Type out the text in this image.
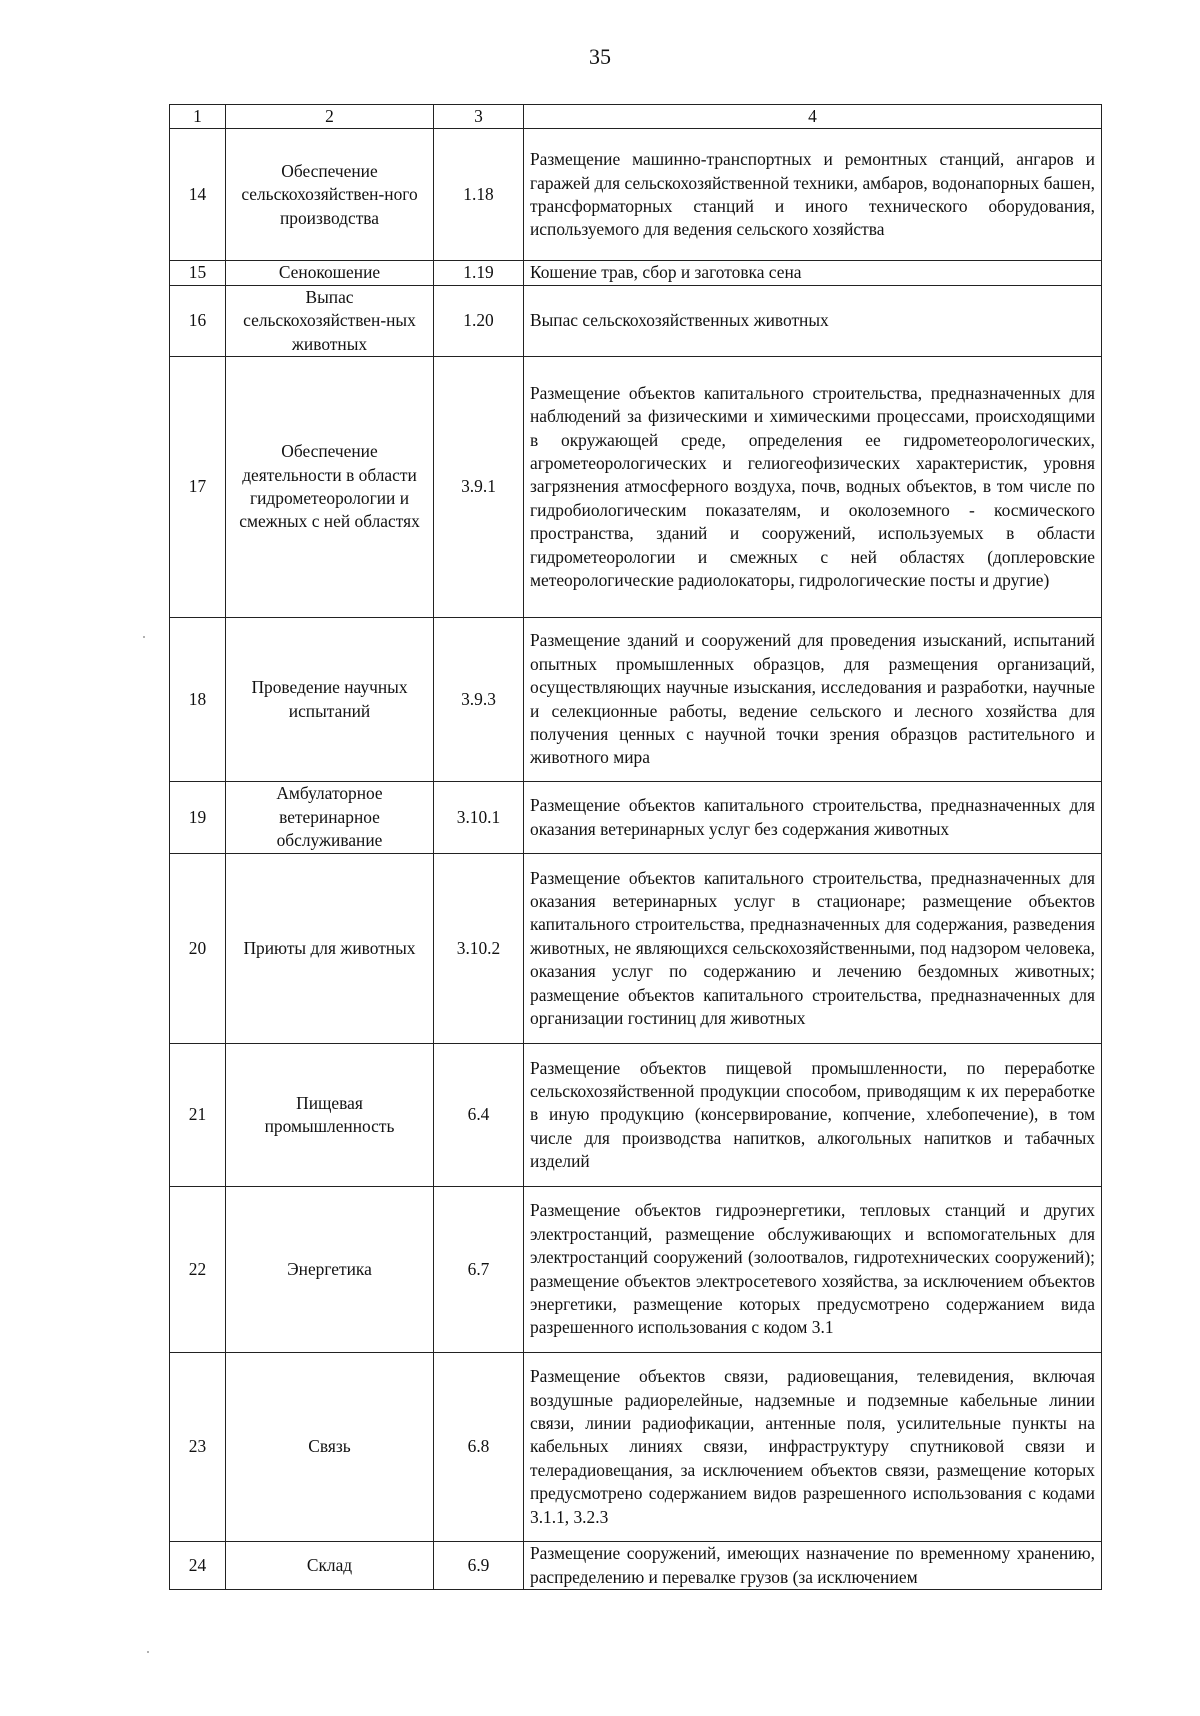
35
1	2	3	4
14	Обеспечение сельскохозяйствен-ного производства	1.18	Размещение машинно-транспортных и ремонтных станций, ангаров и гаражей для сельскохозяйственной техники, амбаров, водонапорных башен, трансформаторных станций и иного технического оборудования, используемого для ведения сельского хозяйства
15	Сенокошение	1.19	Кошение трав, сбор и заготовка сена
16	Выпас сельскохозяйствен-ных животных	1.20	Выпас сельскохозяйственных животных
17	Обеспечение деятельности в области гидрометеорологии и смежных с ней областях	3.9.1	Размещение объектов капитального строительства, предназначенных для наблюдений за физическими и химическими процессами, происходящими в окружающей среде, определения ее гидрометеорологических, агрометеорологических и гелиогеофизических характеристик, уровня загрязнения атмосферного воздуха, почв, водных объектов, в том числе по гидробиологическим показателям, и околоземного - космического пространства, зданий и сооружений, используемых в области гидрометеорологии и смежных с ней областях (доплеровские метеорологические радиолокаторы, гидрологические посты и другие)
18	Проведение научных испытаний	3.9.3	Размещение зданий и сооружений для проведения изысканий, испытаний опытных промышленных образцов, для размещения организаций, осуществляющих научные изыскания, исследования и разработки, научные и селекционные работы, ведение сельского и лесного хозяйства для получения ценных с научной точки зрения образцов растительного и животного мира
19	Амбулаторное ветеринарное обслуживание	3.10.1	Размещение объектов капитального строительства, предназначенных для оказания ветеринарных услуг без содержания животных
20	Приюты для животных	3.10.2	Размещение объектов капитального строительства, предназначенных для оказания ветеринарных услуг в стационаре; размещение объектов капитального строительства, предназначенных для содержания, разведения животных, не являющихся сельскохозяйственными, под надзором человека, оказания услуг по содержанию и лечению бездомных животных; размещение объектов капитального строительства, предназначенных для организации гостиниц для животных
21	Пищевая промышленность	6.4	Размещение объектов пищевой промышленности, по переработке сельскохозяйственной продукции способом, приводящим к их переработке в иную продукцию (консервирование, копчение, хлебопечение), в том числе для производства напитков, алкогольных напитков и табачных изделий
22	Энергетика	6.7	Размещение объектов гидроэнергетики, тепловых станций и других электростанций, размещение обслуживающих и вспомогательных для электростанций сооружений (золоотвалов, гидротехнических сооружений); размещение объектов электросетевого хозяйства, за исключением объектов энергетики, размещение которых предусмотрено содержанием вида разрешенного использования с кодом 3.1
23	Связь	6.8	Размещение объектов связи, радиовещания, телевидения, включая воздушные радиорелейные, надземные и подземные кабельные линии связи, линии радиофикации, антенные поля, усилительные пункты на кабельных линиях связи, инфраструктуру спутниковой связи и телерадиовещания, за исключением объектов связи, размещение которых предусмотрено содержанием видов разрешенного использования с кодами 3.1.1, 3.2.3
24	Склад	6.9	Размещение сооружений, имеющих назначение по временному хранению, распределению и перевалке грузов (за исключением
